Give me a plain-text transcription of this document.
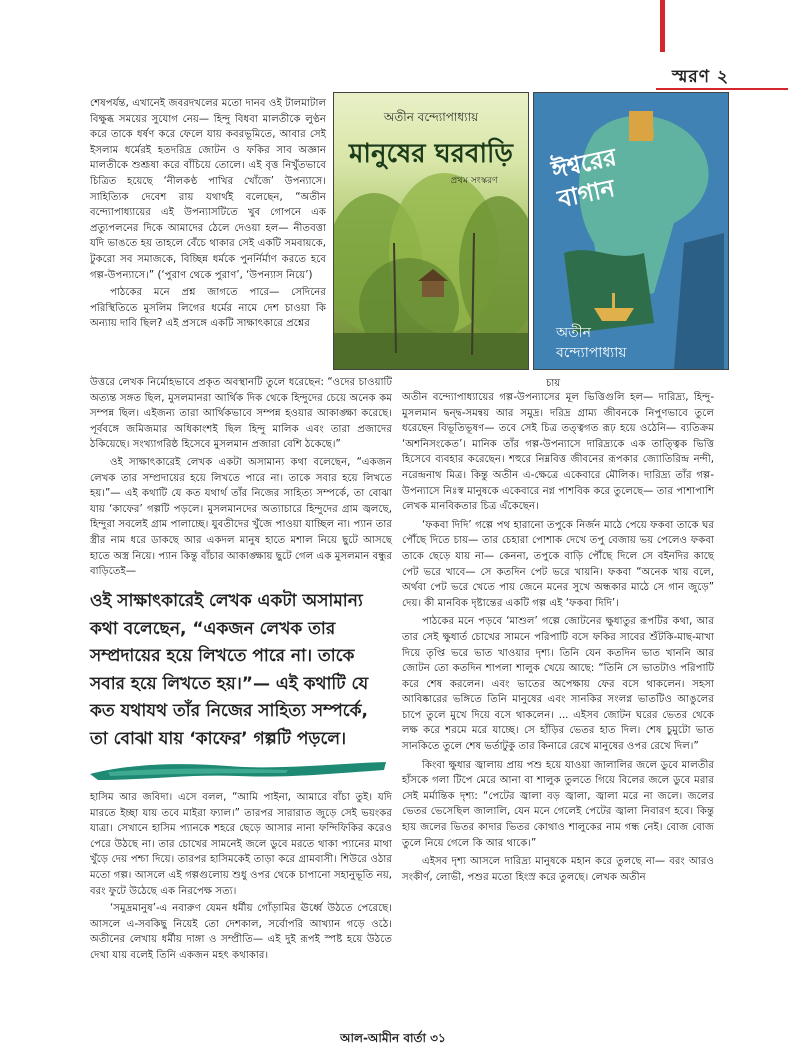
স্মরণ ২

শেষপর্যন্ত, এখানেই জবরদখলের মতো দানব ওই টালমাটাল বিক্ষুব্ধ সময়ের সুযোগ নেয়— হিন্দু বিধবা মালতীকে লুণ্ঠন করে তাকে ধর্ষণ করে ফেলে যায় কবরভূমিতে, আবার সেই ইসলাম ধর্মেরই হতদরিদ্র জোটন ও ফকির সাব অজ্ঞান মালতীকে শুশ্রূষা করে বাঁচিয়ে তোলে। এই বৃত্ত নিখুঁতভাবে চিত্রিত হয়েছে ‘নীলকণ্ঠ পাখির খোঁজে’ উপন্যাসে। সাহিত্যিক দেবেশ রায় যথার্থই বলেছেন, “অতীন বন্দ্যোপাধ্যায়ের এই উপন্যাসটিতে খুব গোপনে এক প্রত্যুপলনের দিকে আমাদের ঠেলে দেওয়া হল— নীতবত্তা যদি ভাঙতে হয় তাহলে বেঁচে থাকার সেই একটি সমবায়কে, টুকরো সব সমাজকে, বিচ্ছিন্ন ধর্মকে পুনর্নির্মাণ করতে হবে গল্প-উপন্যাসে।” (‘পুরাণ থেকে পুরাণ’, ‘উপন্যাস নিয়ে’)

পাঠকের মনে প্রশ্ন জাগতে পারে— সেদিনের পরিস্থিতিতে মুসলিম লিগের ধর্মের নামে দেশ চাওয়া কি অন্যায় দাবি ছিল? এই প্রসঙ্গে একটি সাক্ষাৎকারে প্রশ্নের

অতীন বন্দ্যোপাধ্যায়
মানুষের ঘরবাড়ি
প্রথম সংস্করণ	ঈশ্বরের বাগান
অতীন
বন্দ্যোপাধ্যায়
চায়

উত্তরে লেখক নির্মোহভাবে প্রকৃত অবস্থানটি তুলে ধরেছেন: “ওদের চাওয়াটি অত্যন্ত সঙ্গত ছিল, মুসলমানরা আর্থিক দিক থেকে হিন্দুদের চেয়ে অনেক কম সম্পন্ন ছিল। এইজন্য তারা আর্থিকভাবে সম্পন্ন হওয়ার আকাঙ্ক্ষা করেছে। পূর্ববঙ্গে জমিজমার অধিকাংশই ছিল হিন্দু মালিক এবং তারা প্রজাদের ঠকিয়েছে। সংখ্যাগরিষ্ঠ হিসেবে মুসলমান প্রজারা বেশি ঠকেছে।”

ওই সাক্ষাৎকারেই লেখক একটা অসামান্য কথা বলেছেন, “একজন লেখক তার সম্প্রদায়ের হয়ে লিখতে পারে না। তাকে সবার হয়ে লিখতে হয়।”— এই কথাটি যে কত যথার্থ তাঁর নিজের সাহিত্য সম্পর্কে, তা বোঝা যায় ‘কাফের’ গল্পটি পড়লে। মুসলমানদের অত্যাচারে হিন্দুদের গ্রাম জ্বলছে, হিন্দুরা সবলেই গ্রাম পালাচ্ছে। যুবতীদের খুঁজে পাওয়া যাচ্ছিল না। প্যান তার স্ত্রীর নাম ধরে ডাকছে আর একদল মানুষ হাতে মশাল নিয়ে ছুটে আসছে হাতে অস্ত্র নিয়ে। প্যান কিন্তু বাঁচার আকাঙ্ক্ষায় ছুটে গেল এক মুসলমান বন্ধুর বাড়িতেই—

ওই সাক্ষাৎকারেই লেখক একটা অসামান্য কথা বলেছেন, “একজন লেখক তার সম্প্রদায়ের হয়ে লিখতে পারে না। তাকে সবার হয়ে লিখতে হয়।”— এই কথাটি যে কত যথাযথ তাঁর নিজের সাহিত্য সম্পর্কে, তা বোঝা যায় ‘কাফের’ গল্পটি পড়লে।

হাসিম আর জবিদা। এসে বলল, “আমি পাইনা, আমারে বাঁচা তুই। যদি মারতে ইচ্ছা যায় তবে মাইরা ফ্যাল।” তারপর সারারাত জুড়ে সেই ভয়ংকর যাত্রা। সেখানে হাসিম প্যানকে শহরে ছেড়ে আসার নানা ফন্দিফিকির করেও পেরে উঠছে না। তার চোখের সামনেই জলে ডুবে মরতে থাকা প্যানের মাথা খুঁড়ে দেয় পশ্চা দিয়ে। তারপর হাসিমকেই তাড়া করে গ্রামবাসী। শিউরে ওঠার মতো গল্প। আসলে এই গল্পগুলোয় শুধু ওপর থেকে চাপানো সহানুভূতি নয়, বরং ফুটে উঠেছে এক নিরপেক্ষ সত্য।

‘সমুদ্রমানুষ’-এ নবারুণ যেমন ধর্মীয় গোঁড়ামির ঊর্ধ্বে উঠতে পেরেছে। আসলে এ-সবকিছু নিয়েই তো দেশকাল, সর্বোপরি আখ্যান গড়ে ওঠে। অতীনের লেখায় ধর্মীয় দাঙ্গা ও সম্প্রীতি— এই দুই রূপই স্পষ্ট হয়ে উঠতে দেখা যায় বলেই তিনি একজন মহৎ কথাকার।

অতীন বন্দ্যোপাধ্যায়ের গল্প-উপন্যাসের মূল ভিত্তিগুলি হল— দারিদ্র্য, হিন্দু-মুসলমান দ্বন্দ্ব-সমন্বয় আর সমুদ্র। দরিদ্র গ্রাম্য জীবনকে নিপুণভাবে তুলে ধরেছেন বিভূতিভূষণ— তবে সেই চিত্র তত্ত্বগত রূঢ় হয়ে ওঠেনি— ব্যতিক্রম ‘অশনিসংকেত’। মানিক তাঁর গল্প-উপন্যাসে দারিদ্র্যকে এক তাত্ত্বিক ভিত্তি হিসেবে ব্যবহার করেছেন। শহুরে নিম্নবিত্ত জীবনের রূপকার জ্যোতিরিন্দ্র নন্দী, নরেন্দ্রনাথ মিত্র। কিন্তু অতীন এ-ক্ষেত্রে একেবারে মৌলিক। দারিদ্র্য তাঁর গল্প-উপন্যাসে নিঃস্ব মানুষকে একেবারে নগ্ন পাশবিক করে তুলেছে— তার পাশাপাশি লেখক মানবিকতার চিত্র এঁকেছেন।

‘ফকবা দিদি’ গল্পে পথ হারানো তপুকে নির্জন মাঠে পেয়ে ফকবা তাকে ঘর পৌঁছে দিতে চায়— তার চেহারা পোশাক দেখে তপু বেজায় ভয় পেলেও ফকবা তাকে ছেড়ে যায় না— কেননা, তপুকে বাড়ি পৌঁছে দিলে সে বইনদির কাছে পেট ভরে খাবে— সে কতদিন পেট ভরে খায়নি। ফকবা “অনেক খায় বলে, অর্থবা পেট ভরে খেতে পায় জেনে মনের সুখে অন্ধকার মাঠে সে গান জুড়ে” দেয়। কী মানবিক দৃষ্টান্তের একটি গল্প এই ‘ফকবা দিদি’।

পাঠকের মনে পড়বে ‘মাশুল’ গল্পে জোটনের ক্ষুধাতুর রূপটির কথা, আর তার সেই ক্ষুধার্ত চোখের সামনে পরিপাটি বসে ফকির সাবের শুঁটকি-মাছ-মাখা দিয়ে তৃপ্তি ভরে ভাত খাওয়ার দৃশ্য। তিনি যেন কতদিন ভাত খাননি আর জোটন তো কতদিন শাপলা শালুক খেয়ে আছে: “তিনি সে ভাতটাও পরিপাটি করে শেষ করলেন। এবং ভাতের অপেক্ষায় ফের বসে থাকলেন। সহসা আবিষ্কারের ভঙ্গিতে তিনি মানুষের এবং সানকির সংলগ্ন ভাতটিও আঙুলের চাপে তুলে মুখে দিয়ে বসে থাকলেন। ... এইসব জোটন ঘরের ভেতর থেকে লক্ষ করে শরমে মরে যাচ্ছে। সে হাঁড়ির ভেতর হাত দিল। শেষ চুমুটো ভাত সানকিতে তুলে শেষ ভর্তাটুকু তার কিনারে রেখে মানুষের ওপর রেখে দিল।”

কিংবা ক্ষুধার জ্বালায় প্রায় পশু হয়ে যাওয়া জালালির জলে ডুবে মালতীর হাঁসকে গলা টিপে মেরে আনা বা শালুক তুলতে গিয়ে বিলের জলে ডুবে মরার সেই মর্মান্তিক দৃশ্য: “পেটের জ্বালা বড় জ্বালা, জ্বালা মরে না জলে। জলের ভেতর ভেসেছিল জালালি, যেন মনে গেলেই পেটের জ্বালা নিবারণ হবে। কিন্তু হায় জলের ভিতর কাদার ভিতর কোথাও শালুকের নাম গন্ধ নেই। বোজ বোজ তুলে নিয়ে গেলে কি আর থাকে।”

এইসব দৃশ্য আসলে দারিদ্র্য মানুষকে মহান করে তুলছে না— বরং আরও সংকীর্ণ, লোভী, পশুর মতো হিংস্র করে তুলছে। লেখক অতীন

আল-আমীন বার্তা ৩১
